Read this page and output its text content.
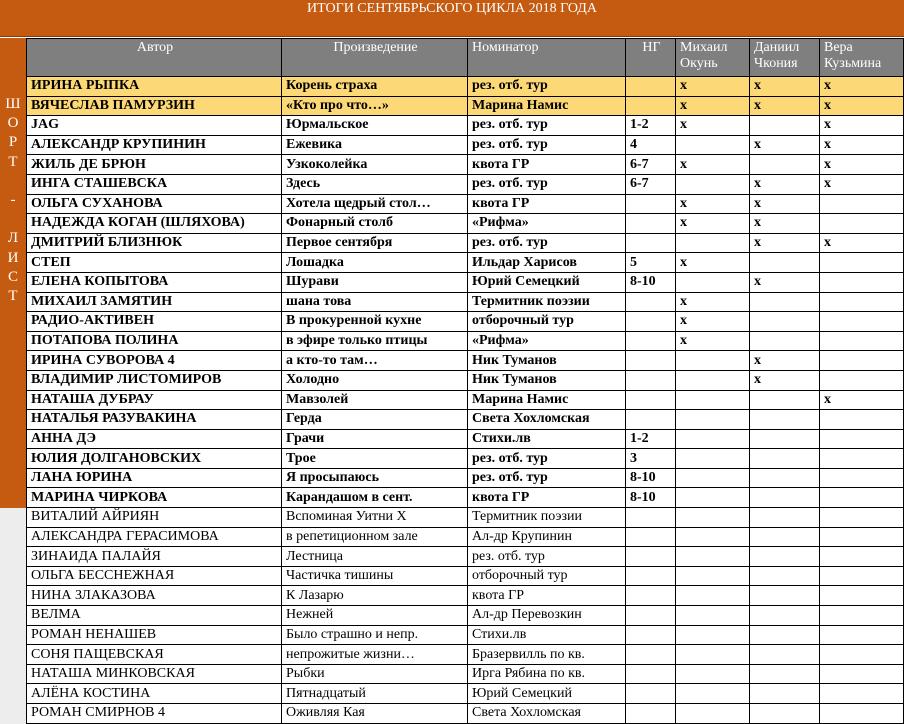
ИТОГИ СЕНТЯБРЬСКОГО ЦИКЛА 2018 ГОДА
Ш
О
Р
Т

-

Л
И
С
Т
Автор	Произведение	Номинатор	НГ	Михаил Окунь	Даниил Чкония	Вера Кузьмина
ИРИНА РЫПКА	Корень страха	рез. отб. тур		x	x	x
ВЯЧЕСЛАВ ПАМУРЗИН	«Кто про что…»	Марина Намис		x	x	x
JAG	Юрмальское	рез. отб. тур	1-2	x		x
АЛЕКСАНДР КРУПИНИН	Ежевика	рез. отб. тур	4		x	x
ЖИЛЬ ДЕ БРЮН	Узкоколейка	квота ГР	6-7	x		x
ИНГА СТАШЕВСКА	Здесь	рез. отб. тур	6-7		x	x
ОЛЬГА СУХАНОВА	Хотела щедрый стол…	квота ГР		x	x	
НАДЕЖДА КОГАН (ШЛЯХОВА)	Фонарный столб	«Рифма»		x	x	
ДМИТРИЙ БЛИЗНЮК	Первое сентября	рез. отб. тур			x	x
СТЕП	Лошадка	Ильдар Харисов	5	x		
ЕЛЕНА КОПЫТОВА	Шурави	Юрий Семецкий	8-10		x	
МИХАИЛ ЗАМЯТИН	шана това	Термитник поэзии		x		
РАДИО-АКТИВЕН	В прокуренной кухне	отборочный тур		x		
ПОТАПОВА ПОЛИНА	в эфире только птицы	«Рифма»		x		
ИРИНА СУВОРОВА 4	а кто-то там…	Ник Туманов			x	
ВЛАДИМИР ЛИСТОМИРОВ	Холодно	Ник Туманов			x	
НАТАША ДУБРАУ	Мавзолей	Марина Намис				x
НАТАЛЬЯ РАЗУВАКИНА	Герда	Света Хохломская				
АННА ДЭ	Грачи	Стихи.лв	1-2			
ЮЛИЯ ДОЛГАНОВСКИХ	Трое	рез. отб. тур	3			
ЛАНА ЮРИНА	Я просыпаюсь	рез. отб. тур	8-10			
МАРИНА ЧИРКОВА	Карандашом в сент.	квота ГР	8-10			
ВИТАЛИЙ АЙРИЯН	Вспоминая Уитни Х	Термитник поэзии				
АЛЕКСАНДРА ГЕРАСИМОВА	в репетиционном зале	Ал-др Крупинин				
ЗИНАИДА ПАЛАЙЯ	Лестница	рез. отб. тур				
ОЛЬГА БЕССНЕЖНАЯ	Частичка тишины	отборочный тур				
НИНА ЗЛАКАЗОВА	К Лазарю	квота ГР				
ВЕЛМА	Нежней	Ал-др Перевозкин				
РОМАН НЕНАШЕВ	Было страшно и непр.	Стихи.лв				
СОНЯ ПАЩЕВСКАЯ	непрожитые жизни…	Бразервилль по кв.				
НАТАША МИНКОВСКАЯ	Рыбки	Ирга Рябина по кв.				
АЛЁНА КОСТИНА	Пятнадцатый	Юрий Семецкий				
РОМАН СМИРНОВ 4	Оживляя Кая	Света Хохломская				
